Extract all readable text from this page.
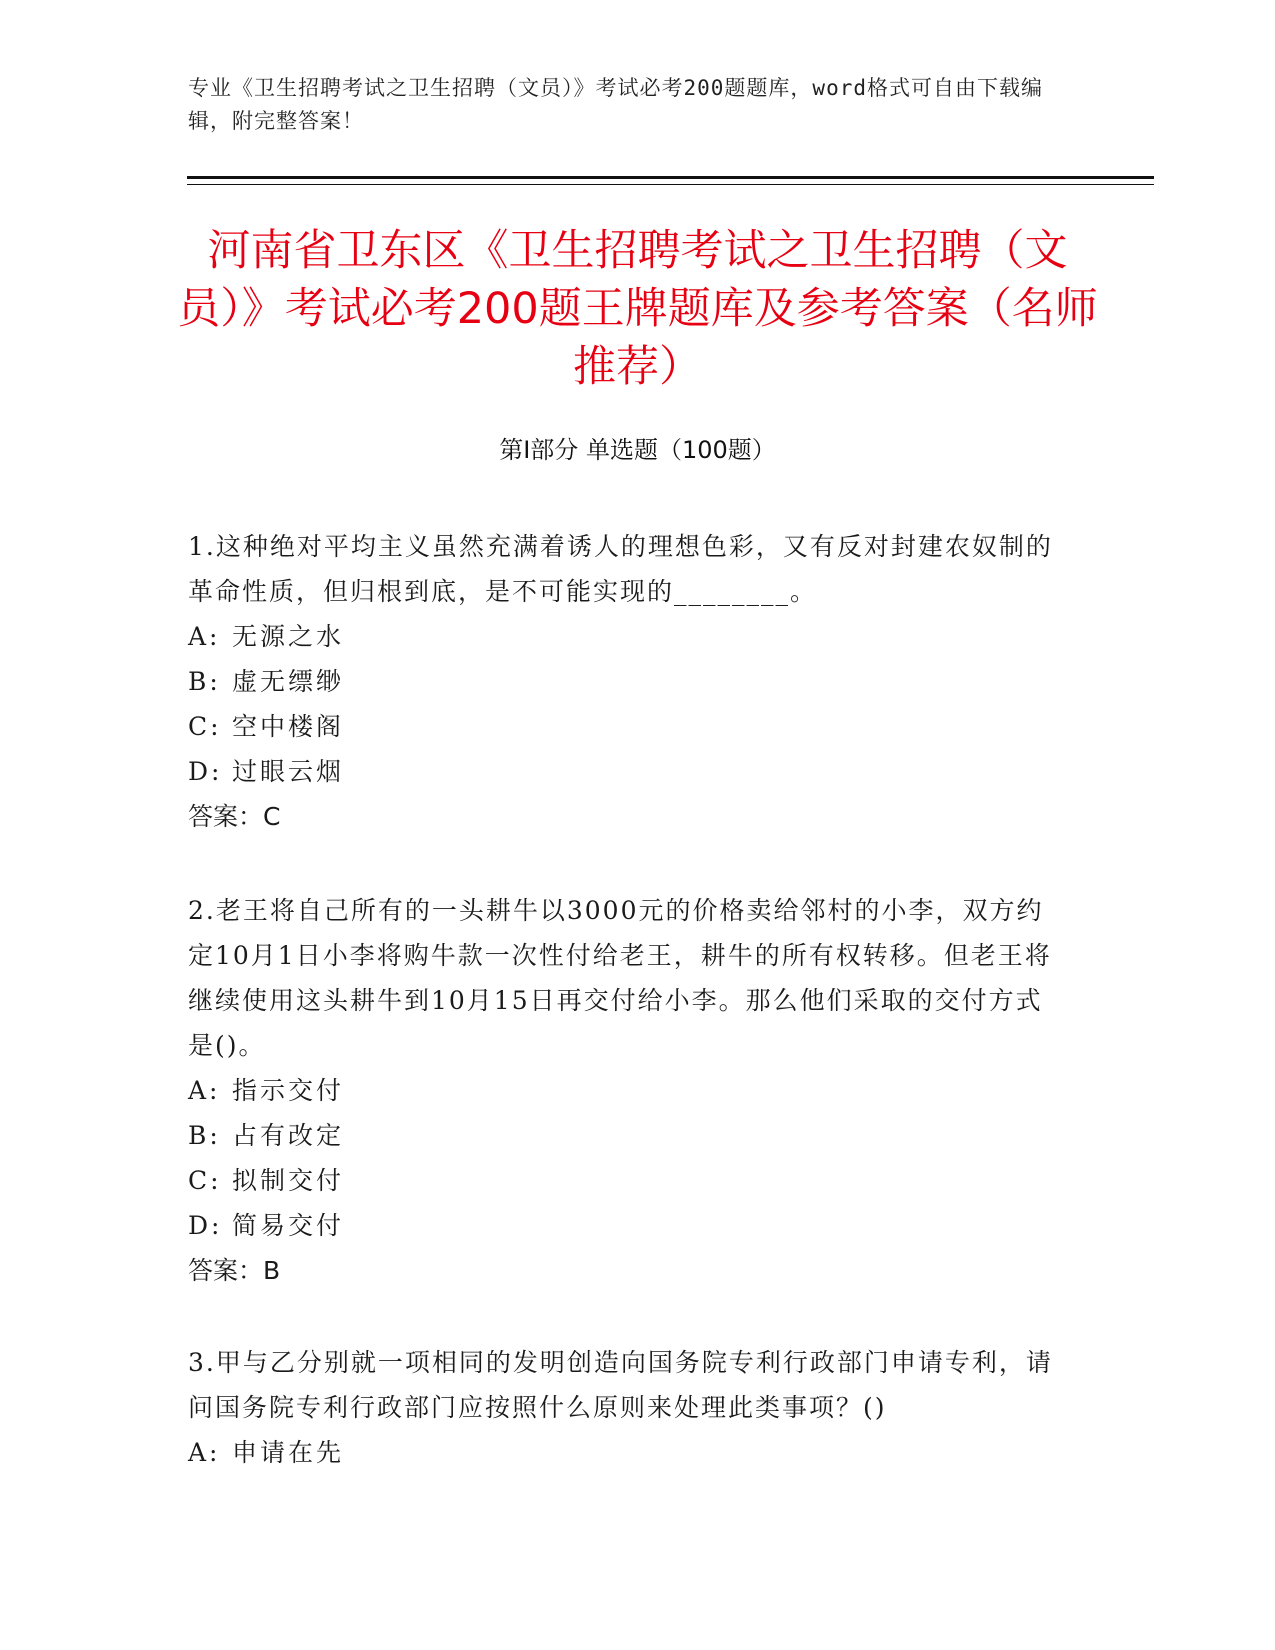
专业《卫生招聘考试之卫生招聘（文员）》考试必考200题题库，word格式可自由下载编辑，附完整答案！
河南省卫东区《卫生招聘考试之卫生招聘（文员）》考试必考200题王牌题库及参考答案（名师推荐）
第I部分 单选题（100题）

1.这种绝对平均主义虽然充满着诱人的理想色彩，又有反对封建农奴制的革命性质，但归根到底，是不可能实现的________。

A: 无源之水
B: 虚无缥缈
C: 空中楼阁
D: 过眼云烟
答案： C

2.老王将自己所有的一头耕牛以3000元的价格卖给邻村的小李，双方约定10月1日小李将购牛款一次性付给老王，耕牛的所有权转移。但老王将继续使用这头耕牛到10月15日再交付给小李。那么他们采取的交付方式是()。

A: 指示交付
B: 占有改定
C: 拟制交付
D: 简易交付
答案： B

3.甲与乙分别就一项相同的发明创造向国务院专利行政部门申请专利，请问国务院专利行政部门应按照什么原则来处理此类事项？()

A: 申请在先
